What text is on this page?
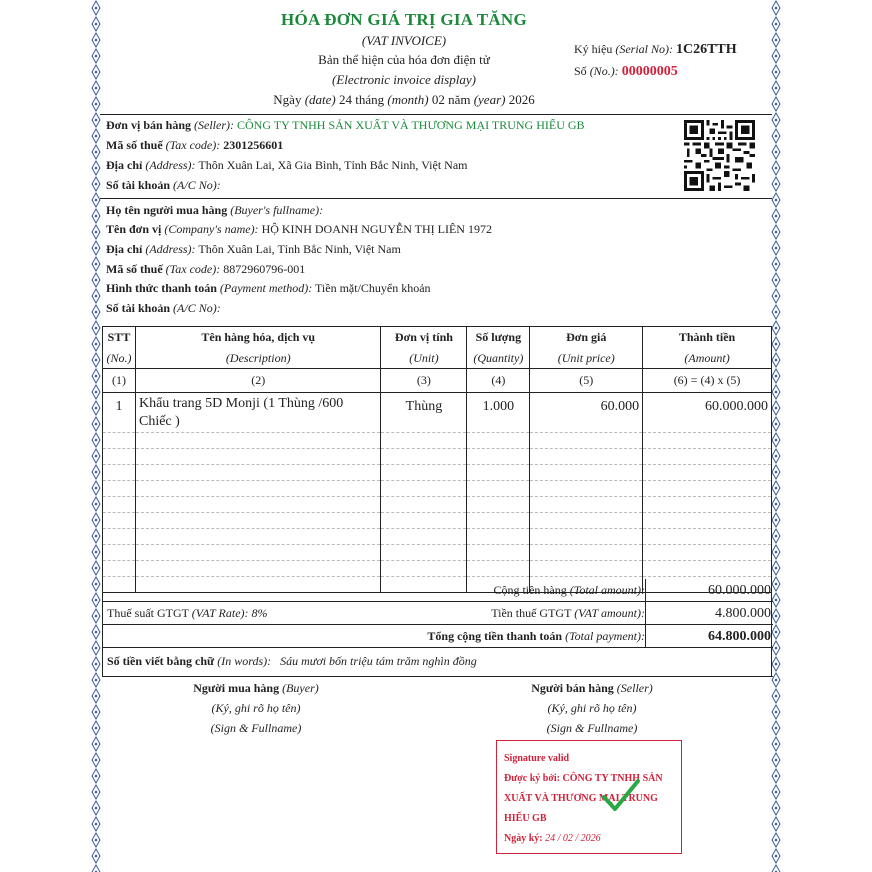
HÓA ĐƠN GIÁ TRỊ GIA TĂNG
(VAT INVOICE)
Bản thể hiện của hóa đơn điện tử
(Electronic invoice display)
Ngày (date) 24 tháng (month) 02 năm (year) 2026
Ký hiệu (Serial No): 1C26TTH
Số (No.): 00000005
Đơn vị bán hàng (Seller): CÔNG TY TNHH SẢN XUẤT VÀ THƯƠNG MẠI TRUNG HIẾU GB
Mã số thuế (Tax code): 2301256601
Địa chỉ (Address): Thôn Xuân Lai, Xã Gia Bình, Tỉnh Bắc Ninh, Việt Nam
Số tài khoản (A/C No):
Họ tên người mua hàng (Buyer's fullname):
Tên đơn vị (Company's name): HỘ KINH DOANH NGUYỄN THỊ LIÊN 1972
Địa chỉ (Address): Thôn Xuân Lai, Tỉnh Bắc Ninh, Việt Nam
Mã số thuế (Tax code): 8872960796-001
Hình thức thanh toán (Payment method): Tiền mặt/Chuyển khoản
Số tài khoản (A/C No):
STT	Tên hàng hóa, dịch vụ	Đơn vị tính	Số lượng	Đơn giá	Thành tiền
(No.)	(Description)	(Unit)	(Quantity)	(Unit price)	(Amount)
(1)	(2)	(3)	(4)	(5)	(6) = (4) x (5)
1	Khẩu trang 5D Monji (1 Thùng /600 Chiếc )	Thùng	1.000	60.000	60.000.000

Cộng tiền hàng (Total amount):	60.000.000
Thuế suất GTGT (VAT Rate): 8%	Tiền thuế GTGT (VAT amount):	4.800.000
Tổng cộng tiền thanh toán (Total payment):	64.800.000
Số tiền viết bằng chữ (In words): Sáu mươi bốn triệu tám trăm nghìn đồng
Người mua hàng (Buyer)
(Ký, ghi rõ họ tên)
(Sign & Fullname)
Người bán hàng (Seller)
(Ký, ghi rõ họ tên)
(Sign & Fullname)
Signature valid
Được ký bởi: CÔNG TY TNHH SẢN XUẤT VÀ THƯƠNG MẠI TRUNG HIẾU GB
Ngày ký: 24 / 02 / 2026
